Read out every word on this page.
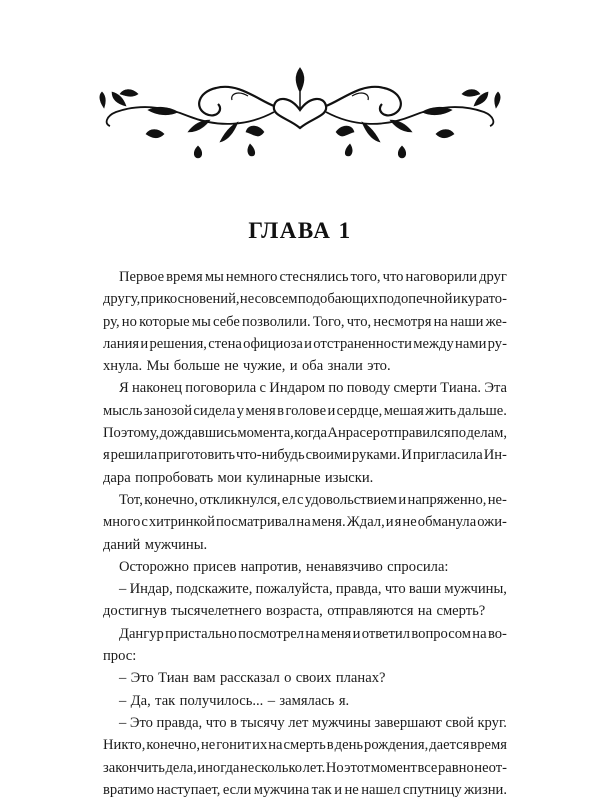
ГЛАВА 1
Первое время мы немного стеснялись того, что наговорили друг
другу, прикосновений, не совсем подобающих подопечной и курато-
ру, но которые мы себе позволили. Того, что, несмотря на наши же-
лания и решения, стена официоза и отстраненности между нами ру-
хнула. Мы больше не чужие, и оба знали это.
Я наконец поговорила с Индаром по поводу смерти Тиана. Эта
мысль занозой сидела у меня в голове и сердце, мешая жить дальше.
Поэтому, дождавшись момента, когда Анрасер отправился по делам,
я решила приготовить что-нибудь своими руками. И пригласила Ин-
дара попробовать мои кулинарные изыски.
Тот, конечно, откликнулся, ел с удовольствием и напряженно, не-
много с хитринкой посматривал на меня. Ждал, и я не обманула ожи-
даний мужчины.
Осторожно присев напротив, ненавязчиво спросила:
– Индар, подскажите, пожалуйста, правда, что ваши мужчины,
достигнув тысячелетнего возраста, отправляются на смерть?
Дангур пристально посмотрел на меня и ответил вопросом на во-
прос:
– Это Тиан вам рассказал о своих планах?
– Да, так получилось... – замялась я.
– Это правда, что в тысячу лет мужчины завершают свой круг.
Никто, конечно, не гонит их на смерть в день рождения, дается время
закончить дела, иногда несколько лет. Но этот момент все равно неот-
вратимо наступает, если мужчина так и не нашел спутницу жизни.
